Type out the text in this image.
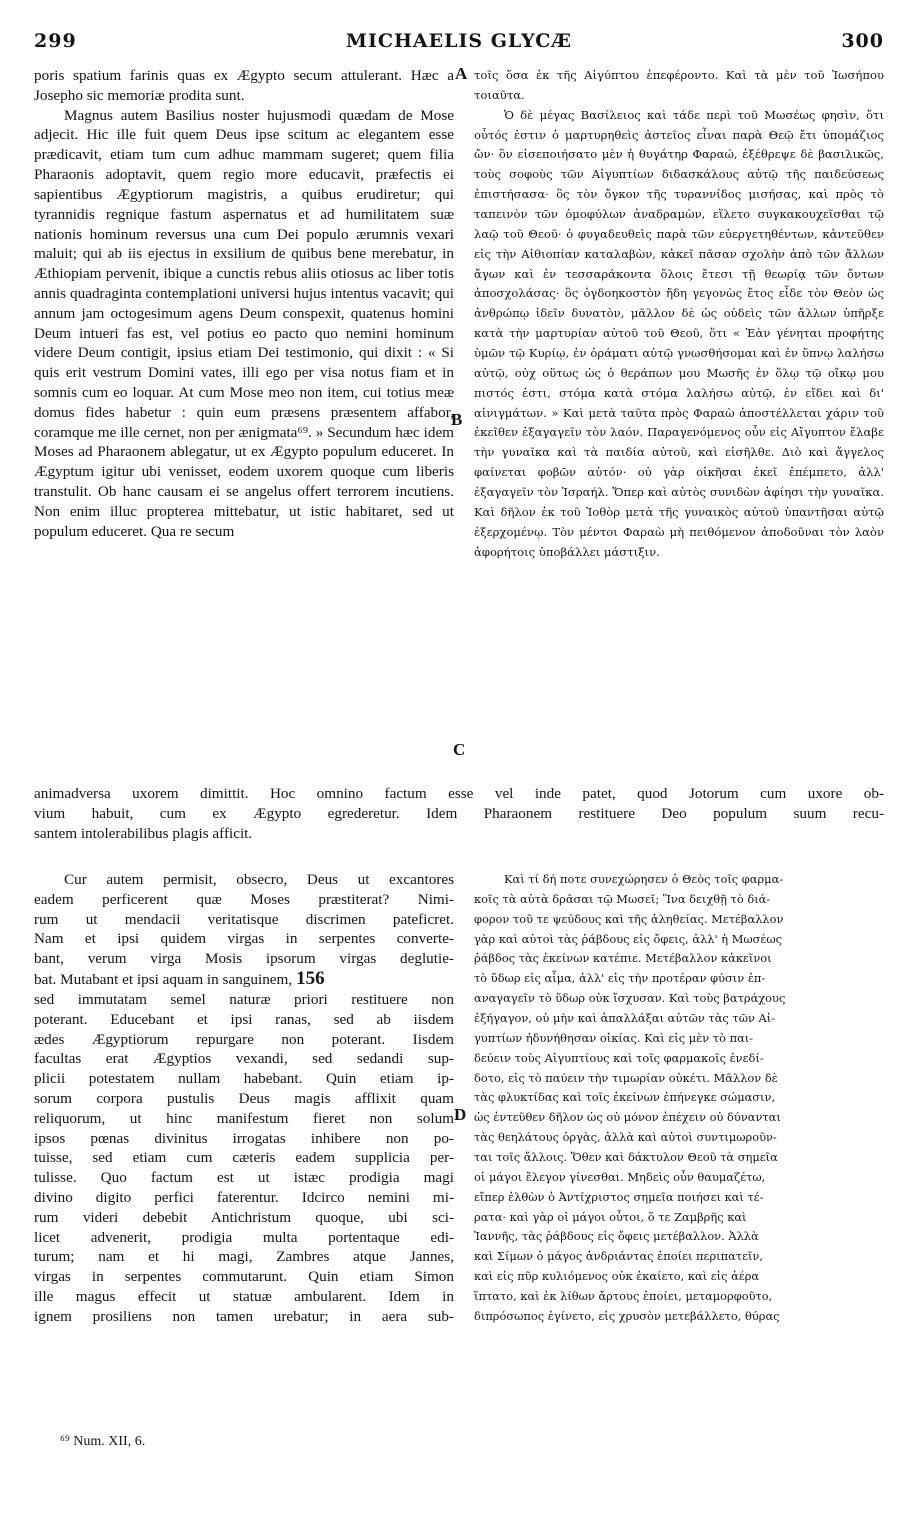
299	MICHAELIS GLYCÆ	300
A
B
C
D

poris spatium farinis quas ex Ægypto secum attulerant. Hæc a Josepho sic memoriæ prodita sunt.

Magnus autem Basilius noster hujusmodi quædam de Mose adjecit. Hic ille fuit quem Deus ipse scitum ac elegantem esse prædicavit, etiam tum cum adhuc mammam sugeret; quem filia Pharaonis adoptavit, quem regio more educavit, præfectis ei sapientibus Ægyptiorum magistris, a quibus erudiretur; qui tyrannidis regnique fastum aspernatus et ad humilitatem suæ nationis hominum reversus una cum Dei populo ærumnis vexari maluit; qui ab iis ejectus in exsilium de quibus bene merebatur, in Æthiopiam pervenit, ibique a cunctis rebus aliis otiosus ac liber totis annis quadraginta contemplationi universi hujus intentus vacavit; qui annum jam octogesimum agens Deum conspexit, quatenus homini Deum intueri fas est, vel potius eo pacto quo nemini hominum videre Deum contigit, ipsius etiam Dei testimonio, qui dixit : « Si quis erit vestrum Domini vates, illi ego per visa notus fiam et in somnis cum eo loquar. At cum Mose meo non item, cui totius meæ domus fides habetur : quin eum præsens præsentem affabor, coramque me ille cernet, non per ænigmata⁶⁹. » Secundum hæc idem Moses ad Pharaonem ablegatur, ut ex Ægypto populum educeret. In Ægyptum igitur ubi venisset, eodem uxorem quoque cum liberis transtulit. Ob hanc causam ei se angelus offert terrorem incutiens. Non enim illuc propterea mittebatur, ut istic habitaret, sed ut populum educeret. Qua re secum

τοῖς ὅσα ἐκ τῆς Αἰγύπτου ἐπεφέροντο. Καὶ τὰ μὲν τοῦ Ἰωσήπου τοιαῦτα.

Ὁ δὲ μέγας Βασίλειος καὶ τάδε περὶ τοῦ Μωσέως φησὶν, ὅτι οὗτός ἐστιν ὁ μαρτυρηθεὶς ἀστεῖος εἶναι παρὰ Θεῷ ἔτι ὑπομάζιος ὤν· ὃν εἰσεποιήσατο μὲν ἡ θυγάτηρ Φαραώ, ἐξέθρεψε δὲ βασιλικῶς, τοὺς σοφοὺς τῶν Αἰγυπτίων διδασκάλους αὐτῷ τῆς παιδεύσεως ἐπιστήσασα· ὃς τὸν ὄγκον τῆς τυραννίδος μισήσας, καὶ πρὸς τὸ ταπεινὸν τῶν ὁμοφύλων ἀναδραμὼν, εἵλετο συγκακουχεῖσθαι τῷ λαῷ τοῦ Θεοῦ· ὁ φυγαδευθεὶς παρὰ τῶν εὐεργετηθέντων, κἀντεῦθεν εἰς τὴν Αἰθιοπίαν καταλαβὼν, κἀκεῖ πᾶσαν σχολὴν ἀπὸ τῶν ἄλλων ἄγων καὶ ἐν τεσσαράκοντα ὅλοις ἔτεσι τῇ θεωρίᾳ τῶν ὄντων ἀποσχολάσας· ὃς ὀγδοηκοστὸν ἤδη γεγονὼς ἔτος εἶδε τὸν Θεὸν ὡς ἀνθρώπῳ ἰδεῖν δυνατὸν, μᾶλλον δὲ ὡς οὐδεὶς τῶν ἄλλων ὑπῆρξε κατὰ τὴν μαρτυρίαν αὐτοῦ τοῦ Θεοῦ, ὅτι « Ἐὰν γένηται προφήτης ὑμῶν τῷ Κυρίῳ, ἐν ὁράματι αὐτῷ γνωσθήσομαι καὶ ἐν ὕπνῳ λαλήσω αὐτῷ, οὐχ οὕτως ὡς ὁ θεράπων μου Μωσῆς ἐν ὅλῳ τῷ οἴκῳ μου πιστός ἐστι, στόμα κατὰ στόμα λαλήσω αὐτῷ, ἐν εἴδει καὶ δι' αἰνιγμάτων. » Καὶ μετὰ ταῦτα πρὸς Φαραὼ ἀποστέλλεται χάριν τοῦ ἐκεῖθεν ἐξαγαγεῖν τὸν λαόν. Παραγενόμενος οὖν εἰς Αἴγυπτον ἔλαβε τὴν γυναῖκα καὶ τὰ παιδία αὐτοῦ, καὶ εἰσῆλθε. Διὸ καὶ ἄγγελος φαίνεται φοβῶν αὐτόν· οὐ γὰρ οἰκῆσαι ἐκεῖ ἐπέμπετο, ἀλλ' ἐξαγαγεῖν τὸν Ἰσραήλ. Ὅπερ καὶ αὐτὸς συνιδὼν ἀφίησι τὴν γυναῖκα. Καὶ δῆλον ἐκ τοῦ Ἰοθὸρ μετὰ τῆς γυναικὸς αὐτοῦ ὑπαντῆσαι αὐτῷ ἐξερχομένῳ. Τὸν μέντοι Φαραὼ μὴ πειθόμενον ἀποδοῦναι τὸν λαὸν ἀφορήτοις ὑποβάλλει μάστιξιν.

animadversa uxorem dimittit. Hoc omnino factum esse vel inde patet, quod Jotorum cum uxore ob-
vium habuit, cum ex Ægypto egrederetur. Idem Pharaonem restituere Deo populum suum recu-
santem intolerabilibus plagis afficit.
Cur autem permisit, obsecro, Deus ut excantores
eadem perficerent quæ Moses præstiterat? Nimi-
rum ut mendacii veritatisque discrimen pateficret.
Nam et ipsi quidem virgas in serpentes converte-
bant, verum virga Mosis ipsorum virgas deglutie-
bat. Mutabant et ipsi aquam in sanguinem, 156
sed immutatam semel naturæ priori restituere non
poterant. Educebant et ipsi ranas, sed ab iisdem
ædes Ægyptiorum repurgare non poterant. Iisdem
facultas erat Ægyptios vexandi, sed sedandi sup-
plicii potestatem nullam habebant. Quin etiam ip-
sorum corpora pustulis Deus magis afflixit quam
reliquorum, ut hinc manifestum fieret non solum
ipsos pœnas divinitus irrogatas inhibere non po-
tuisse, sed etiam cum cæteris eadem supplicia per-
tulisse. Quo factum est ut istæc prodigia magi
divino digito perfici faterentur. Idcirco nemini mi-
rum videri debebit Antichristum quoque, ubi sci-
licet advenerit, prodigia multa portentaque edi-
turum; nam et hi magi, Zambres atque Jannes,
virgas in serpentes commutarunt. Quin etiam Simon
ille magus effecit ut statuæ ambularent. Idem in
ignem prosiliens non tamen urebatur; in aera sub-
Καὶ τί δή ποτε συνεχώρησεν ὁ Θεὸς τοῖς φαρμα-
κοῖς τὰ αὐτὰ δρᾶσαι τῷ Μωσεῖ; Ἵνα δειχθῇ τὸ διά-
φορον τοῦ τε ψεύδους καὶ τῆς ἀληθείας. Μετέβαλλον
γὰρ καὶ αὐτοὶ τὰς ῥάβδους εἰς ὄφεις, ἀλλ' ἡ Μωσέως
ῥάβδος τὰς ἐκείνων κατέπιε. Μετέβαλλον κἀκεῖνοι
τὸ ὕδωρ εἰς αἷμα, ἀλλ' εἰς τὴν προτέραν φύσιν ἐπ-
αναγαγεῖν τὸ ὕδωρ οὐκ ἴσχυσαν. Καὶ τοὺς βατράχους
ἐξήγαγον, οὐ μὴν καὶ ἀπαλλάξαι αὐτῶν τὰς τῶν Αἰ-
γυπτίων ἠδυνήθησαν οἰκίας. Καὶ εἰς μὲν τὸ παι-
δεύειν τοὺς Αἰγυπτίους καὶ τοῖς φαρμακοῖς ἐνεδί-
δοτο, εἰς τὸ παύειν τὴν τιμωρίαν οὐκέτι. Μᾶλλον δὲ
τὰς φλυκτίδας καὶ τοῖς ἐκείνων ἐπήνεγκε σώμασιν,
ὡς ἐντεῦθεν δῆλον ὡς οὐ μόνον ἐπέχειν οὐ δύνανται
τὰς θεηλάτους ὀργὰς, ἀλλὰ καὶ αὐτοὶ συντιμωροῦν-
ται τοῖς ἄλλοις. Ὅθεν καὶ δάκτυλον Θεοῦ τὰ σημεῖα
οἱ μάγοι ἔλεγον γίνεσθαι. Μηδεὶς οὖν θαυμαζέτω,
εἴπερ ἐλθὼν ὁ Ἀντίχριστος σημεῖα ποιήσει καὶ τέ-
ρατα· καὶ γὰρ οἱ μάγοι οὗτοι, ὅ τε Ζαμβρῆς καὶ
Ἰαννῆς, τὰς ῥάβδους εἰς ὄφεις μετέβαλλον. Ἀλλὰ
καὶ Σίμων ὁ μάγος ἀνδριάντας ἐποίει περιπατεῖν,
καὶ εἰς πῦρ κυλιόμενος οὐκ ἐκαίετο, καὶ εἰς ἀέρα
ἵπτατο, καὶ ἐκ λίθων ἄρτους ἐποίει, μεταμορφοῦτο,
διπρόσωπος ἐγίνετο, εἰς χρυσὸν μετεβάλλετο, θύρας
⁶⁹ Num. XII, 6.
